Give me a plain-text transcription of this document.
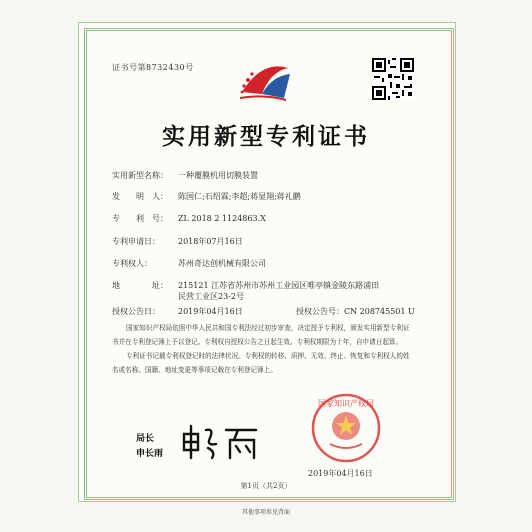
证书号第8732430号
实用新型专利证书
实用新型名称： 一种覆膜机用切膜装置
发　　明　人： 陈国仁;石绍霖;李超;蒋显翔;蒋礼鹏
专　　利　号： ZL 2018 2 1124863.X
专利申请日： 2018年07月16日
专利权人：	苏州奇达创机械有限公司
地　　　　址： 215121 江苏省苏州市苏州工业园区唯亭镇金陵东路浦田
民营工业区23-2号
授权公告日： 2019年04月16日	授权公告号：CN 208745501 U
国家知识产权局依照中华人民共和国专利法经过初步审查，决定授予专利权，颁发实用新型专利证书并在专利登记簿上予以登记。专利权自授权公告之日起生效。专利权期限为十年，自申请日起算。
专利证书记载专利权登记时的法律状况。专利权的转移、质押、无效、终止、恢复和专利权人的姓名或名称、国籍、地址变更等事项记载在专利登记簿上。
国家知识产权局
局长
申长雨
2019年04月16日
第1页（共2页）
其他事项参见背面
